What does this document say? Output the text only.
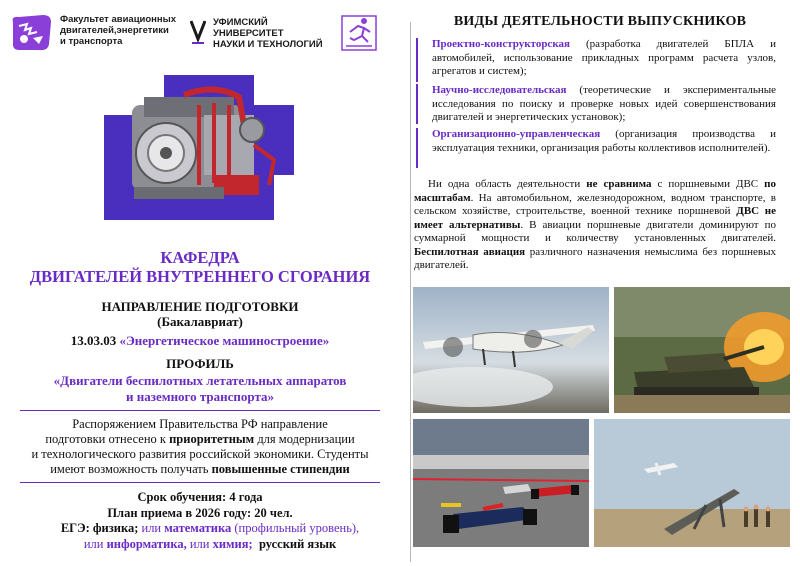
Факультет авиационных
двигателей,энергетики
и транспорта
УФИМСКИЙ
УНИВЕРСИТЕТ
НАУКИ И ТЕХНОЛОГИЙ
КАФЕДРА
ДВИГАТЕЛЕЙ ВНУТРЕННЕГО СГОРАНИЯ
НАПРАВЛЕНИЕ ПОДГОТОВКИ
(Бакалавриат)
13.03.03 «Энергетическое машиностроение»
ПРОФИЛЬ
«Двигатели беспилотных летательных аппаратов
и наземного транспорта»
Распоряжением Правительства РФ направление
подготовки отнесено к приоритетным для модернизации
и технологического развития российской экономики. Студенты
имеют возможность получать повышенные стипендии
Срок обучения: 4 года
План приема в 2026 году: 20 чел.
ЕГЭ: физика; или математика (профильный уровень),
или информатика, или химия; русский язык
ВИДЫ ДЕЯТЕЛЬНОСТИ ВЫПУСКНИКОВ
Проектно-конструкторская (разработка двигателей БПЛА и автомобилей, использование прикладных программ расчета узлов, агрегатов и систем);
Научно-исследовательская (теоретические и экспериментальные исследования по поиску и проверке новых идей совершенствования двигателей и энергетических установок);
Организационно-управленческая (организация производства и эксплуатация техники, организация работы коллективов исполнителей).
Ни одна область деятельности не сравнима с поршневыми ДВС по масштабам. На автомобильном, железнодорожном, водном транспорте, в сельском хозяйстве, строительстве, военной технике поршневой ДВС не имеет альтернативы. В авиации поршневые двигатели доминируют по суммарной мощности и количеству установленных двигателей. Беспилотная авиация различного назначения немыслима без поршневых двигателей.
